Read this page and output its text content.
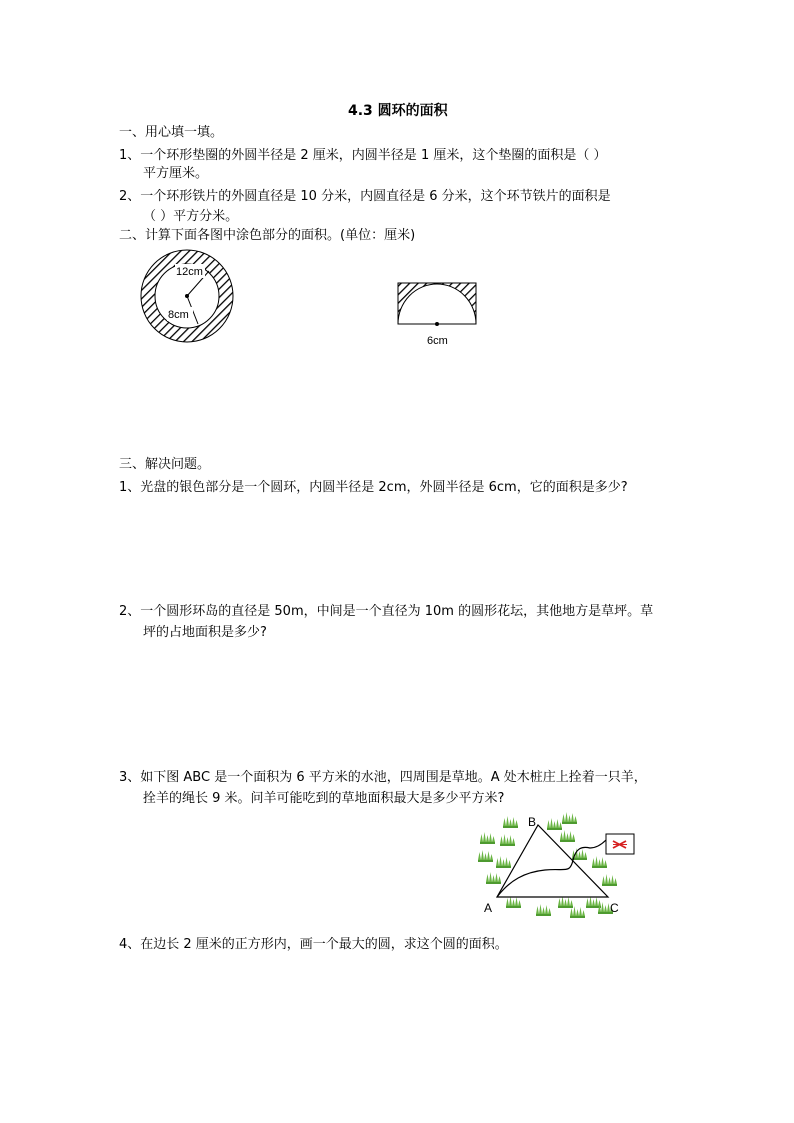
4.3 圆环的面积
一、用心填一填。
1、一个环形垫圈的外圆半径是 2 厘米，内圆半径是 1 厘米，这个垫圈的面积是（ ）
平方厘米。
2、一个环形铁片的外圆直径是 10 分米，内圆直径是 6 分米，这个环节铁片的面积是
（ ）平方分米。
二、计算下面各图中涂色部分的面积。(单位：厘米)
12cm
8cm
6cm
三、解决问题。
1、光盘的银色部分是一个圆环，内圆半径是 2cm，外圆半径是 6cm，它的面积是多少?
2、一个圆形环岛的直径是 50m，中间是一个直径为 10m 的圆形花坛，其他地方是草坪。草
坪的占地面积是多少?
3、如下图 ABC 是一个面积为 6 平方米的水池，四周围是草地。A 处木桩庄上拴着一只羊，
拴羊的绳长 9 米。问羊可能吃到的草地面积最大是多少平方米?
A
B
C
4、在边长 2 厘米的正方形内，画一个最大的圆，求这个圆的面积。
